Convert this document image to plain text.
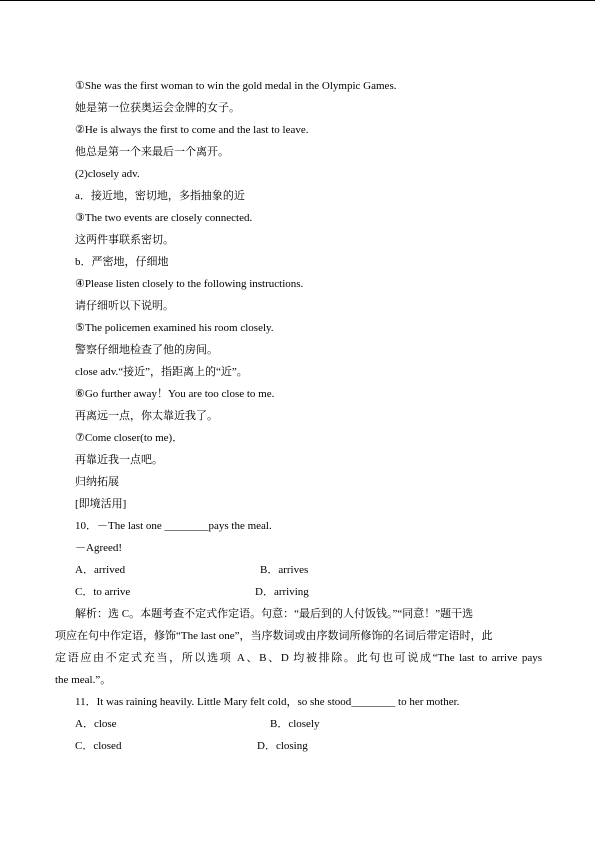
①She was the first woman to win the gold medal in the Olympic Games.
她是第一位获奥运会金牌的女子。
②He is always the first to come and the last to leave.
他总是第一个来最后一个离开。
(2)closely adv.
a．接近地，密切地，多指抽象的近
③The two events are closely connected.
这两件事联系密切。
b．严密地，仔细地
④Please listen closely to the following instructions.
请仔细听以下说明。
⑤The policemen examined his room closely.
警察仔细地检查了他的房间。
close adv.“接近”，指距离上的“近”。
⑥Go further away！You are too close to me.
再离远一点，你太靠近我了。
⑦Come closer(to me)．
再靠近我一点吧。
归纳拓展
[即境活用]
10．－The last one ________pays the meal.
－Agreed!
A．arrived	B．arrives
C．to arrive	D．arriving
解析：选 C。本题考查不定式作定语。句意：“最后到的人付饭钱。”“同意！”题干选
项应在句中作定语，修饰“The last one”，当序数词或由序数词所修饰的名词后带定语时，此
定语应由不定式充当，所以选项 A、B、D 均被排除。此句也可说成“The last to arrive pays
the meal.”。
11．It was raining heavily. Little Mary felt cold，so she stood________ to her mother.
A．close	B．closely
C．closed	D．closing
